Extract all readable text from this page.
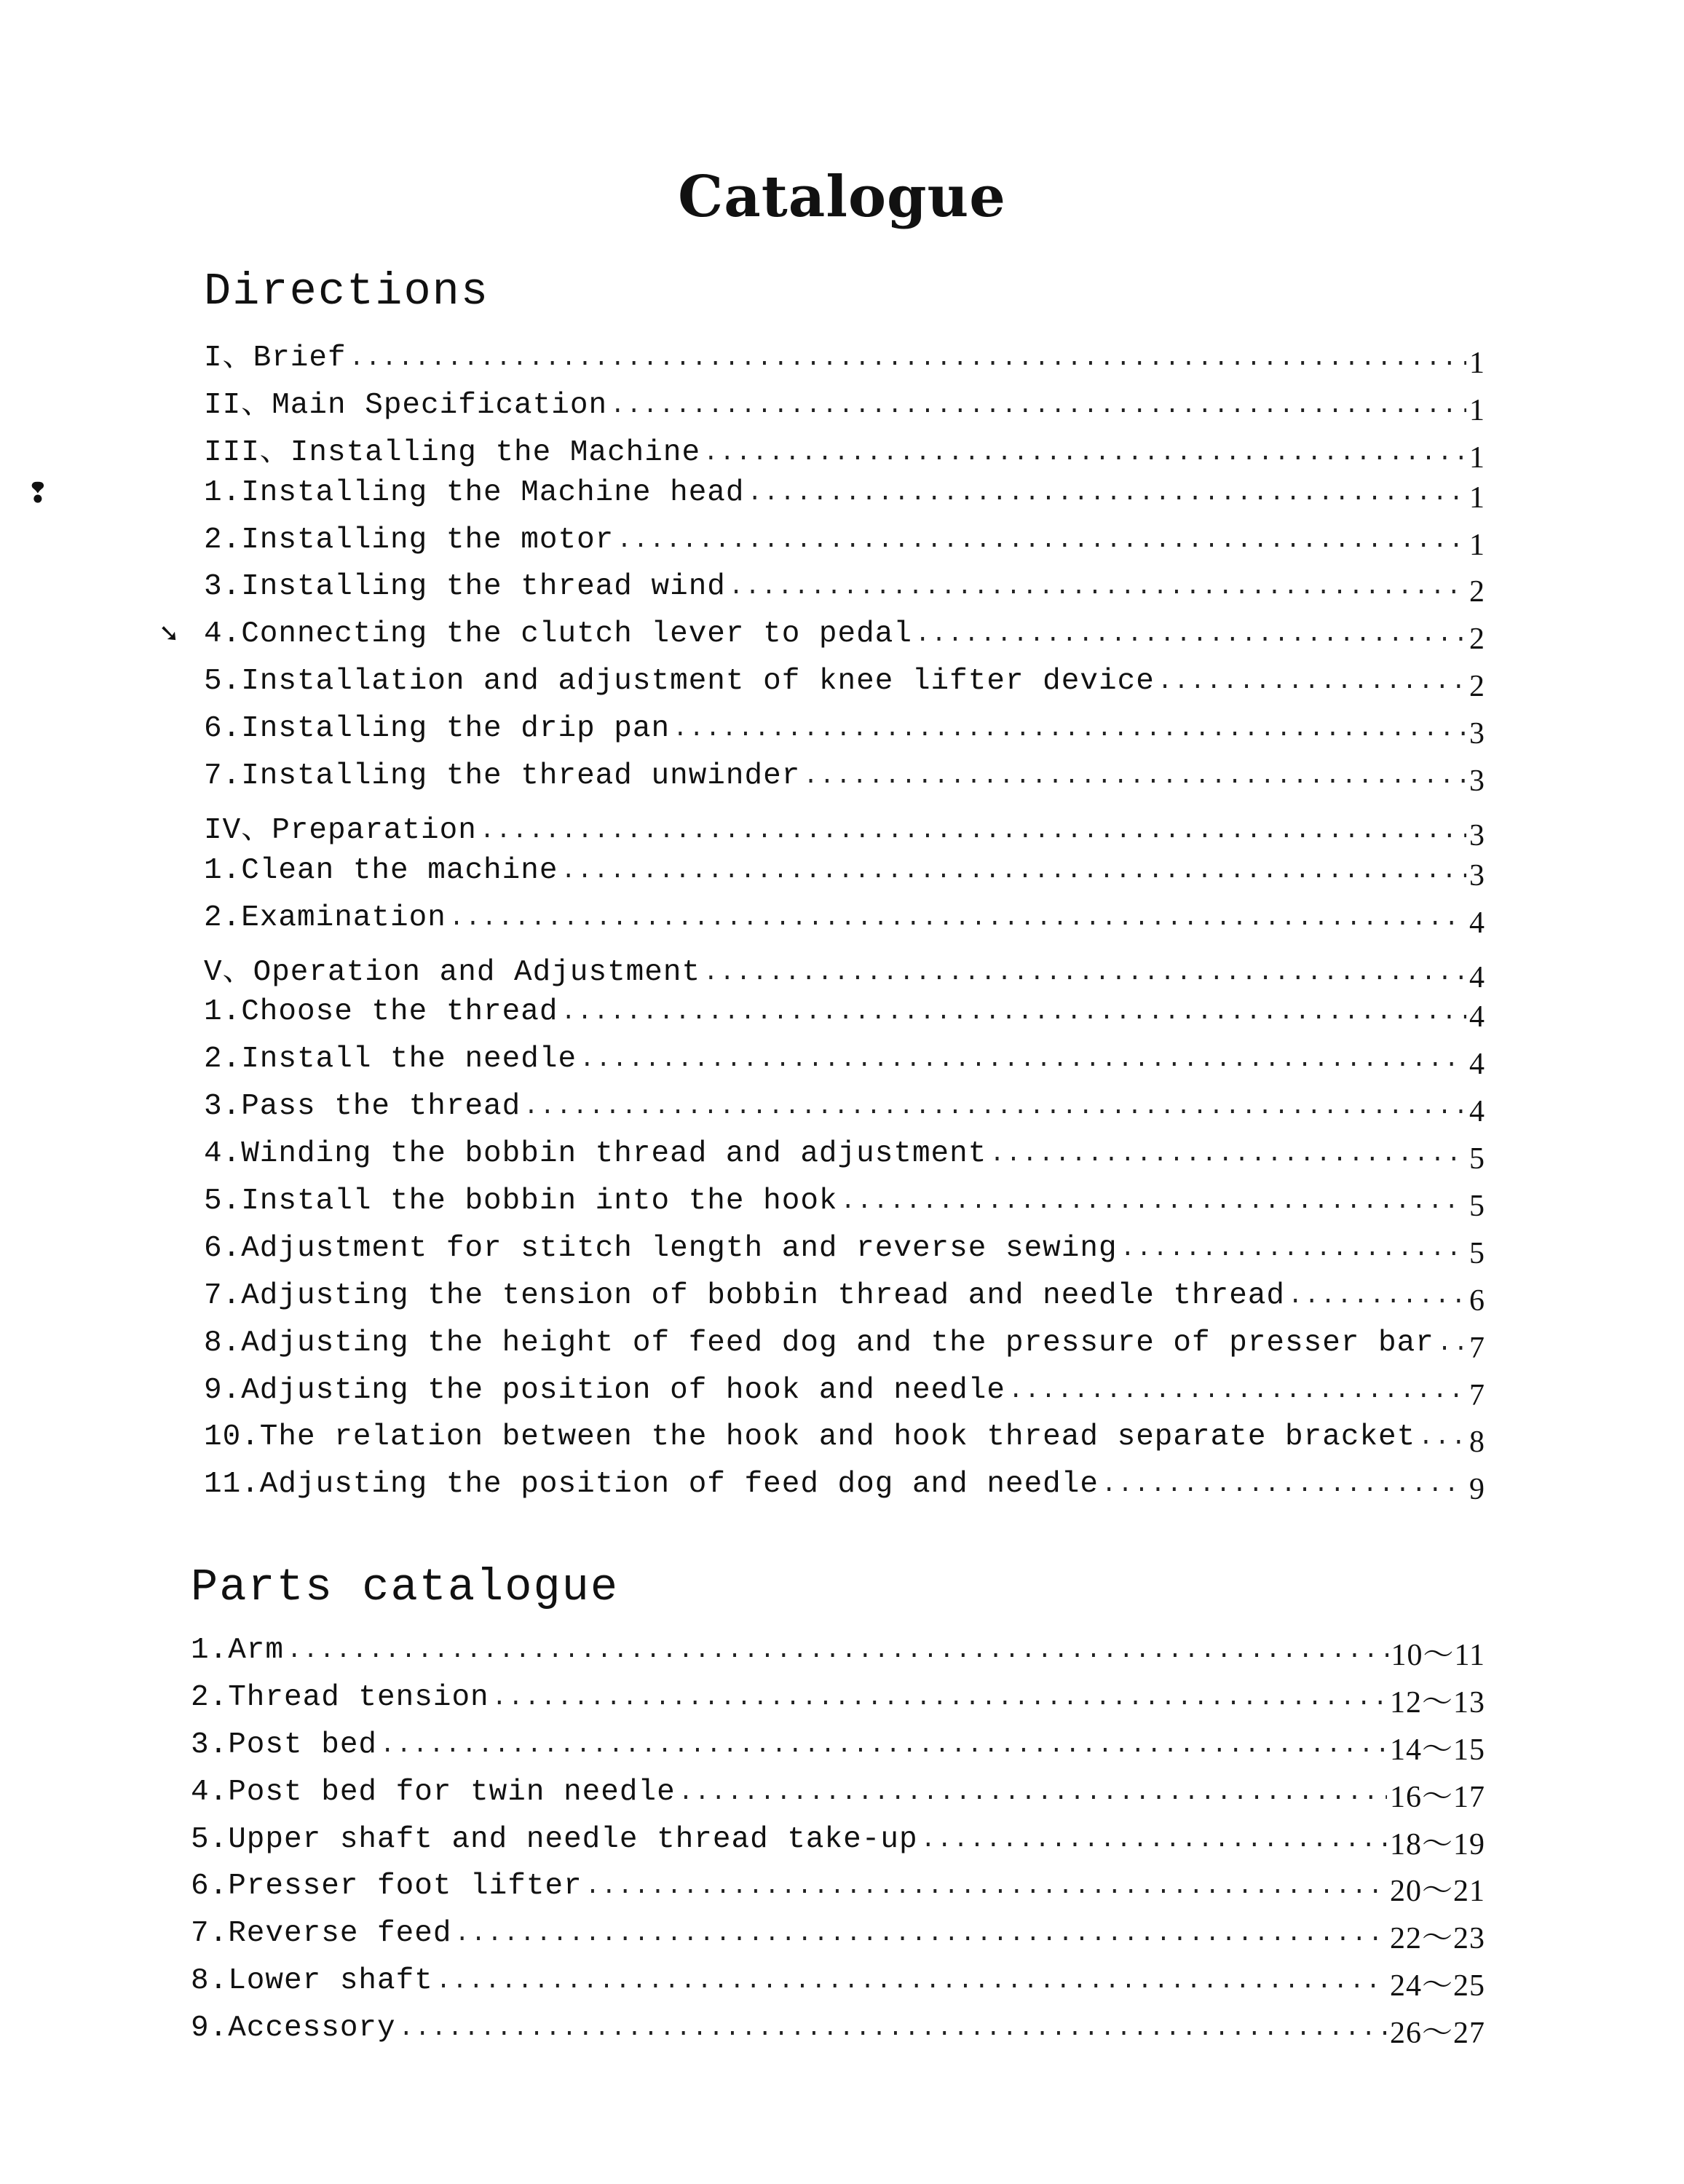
Catalogue
Directions
I、Brief ·····	1
II、Main Specification ·····	1
III、Installing the Machine ·····	1
1.Installing the Machine head ·····	1
2.Installing the motor ·····	1
3.Installing the thread wind ·····	2
4.Connecting the clutch lever to pedal ·····	2
5.Installation and adjustment of knee lifter device ·····	2
6.Installing the drip pan ·····	3
7.Installing the thread unwinder ·····	3
IV、Preparation ·····	3
1.Clean the machine ·····	3
2.Examination ·····	4
V、Operation and Adjustment ·····	4
1.Choose the thread ·····	4
2.Install the needle ·····	4
3.Pass the thread ·····	4
4.Winding the bobbin thread and adjustment ·····	5
5.Install the bobbin into the hook ·····	5
6.Adjustment for stitch length and reverse sewing ·····	5
7.Adjusting the tension of bobbin thread and needle thread ·····	6
8.Adjusting the height of feed dog and the pressure of presser bar ····· 7
9.Adjusting the position of hook and needle ·····	7
10.The relation between the hook and hook thread separate bracket ····· 8
11.Adjusting the position of feed dog and needle ·····	9
Parts catalogue
1.Arm ·····	10～11
2.Thread tension ·····	12～13
3.Post bed ·····	14～15
4.Post bed for twin needle ·····	16～17
5.Upper shaft and needle thread take-up ·····	18～19
6.Presser foot lifter ·····	20～21
7.Reverse feed ·····	22～23
8.Lower shaft ·····	24～25
9.Accessory ·····	26～27
❢
➘
